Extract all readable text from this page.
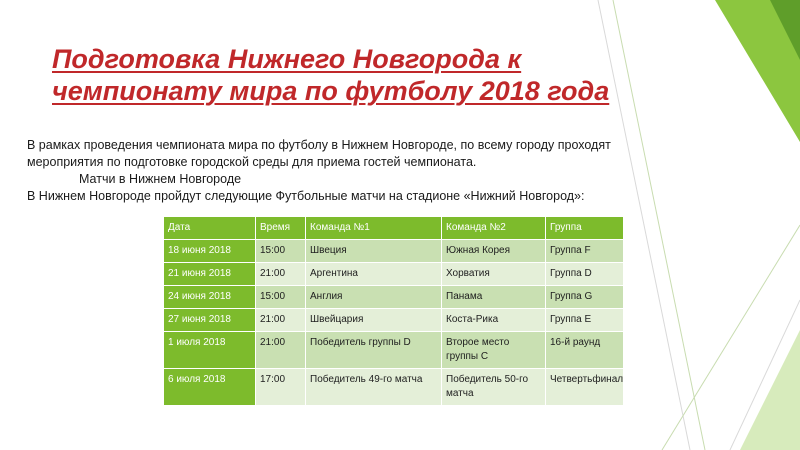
Подготовка Нижнего Новгорода к
чемпионату мира по футболу 2018 года

В рамках проведения чемпионата мира по футболу в Нижнем Новгороде, по всему городу проходят мероприятия по подготовке городской среды для приема гостей чемпионата.

Матчи в Нижнем Новгороде

В Нижнем Новгороде пройдут следующие Футбольные матчи на стадионе «Нижний Новгород»:

Дата	Время	Команда №1	Команда №2	Группа
18 июня 2018	15:00	Швеция	Южная Корея	Группа F
21 июня 2018	21:00	Аргентина	Хорватия	Группа D
24 июня 2018	15:00	Англия	Панама	Группа G
27 июня 2018	21:00	Швейцария	Коста-Рика	Группа E
1 июля 2018	21:00	Победитель группы D	Второе место группы C	16-й раунд
6 июля 2018	17:00	Победитель 49-го матча	Победитель 50-го матча	Четвертьфинал
